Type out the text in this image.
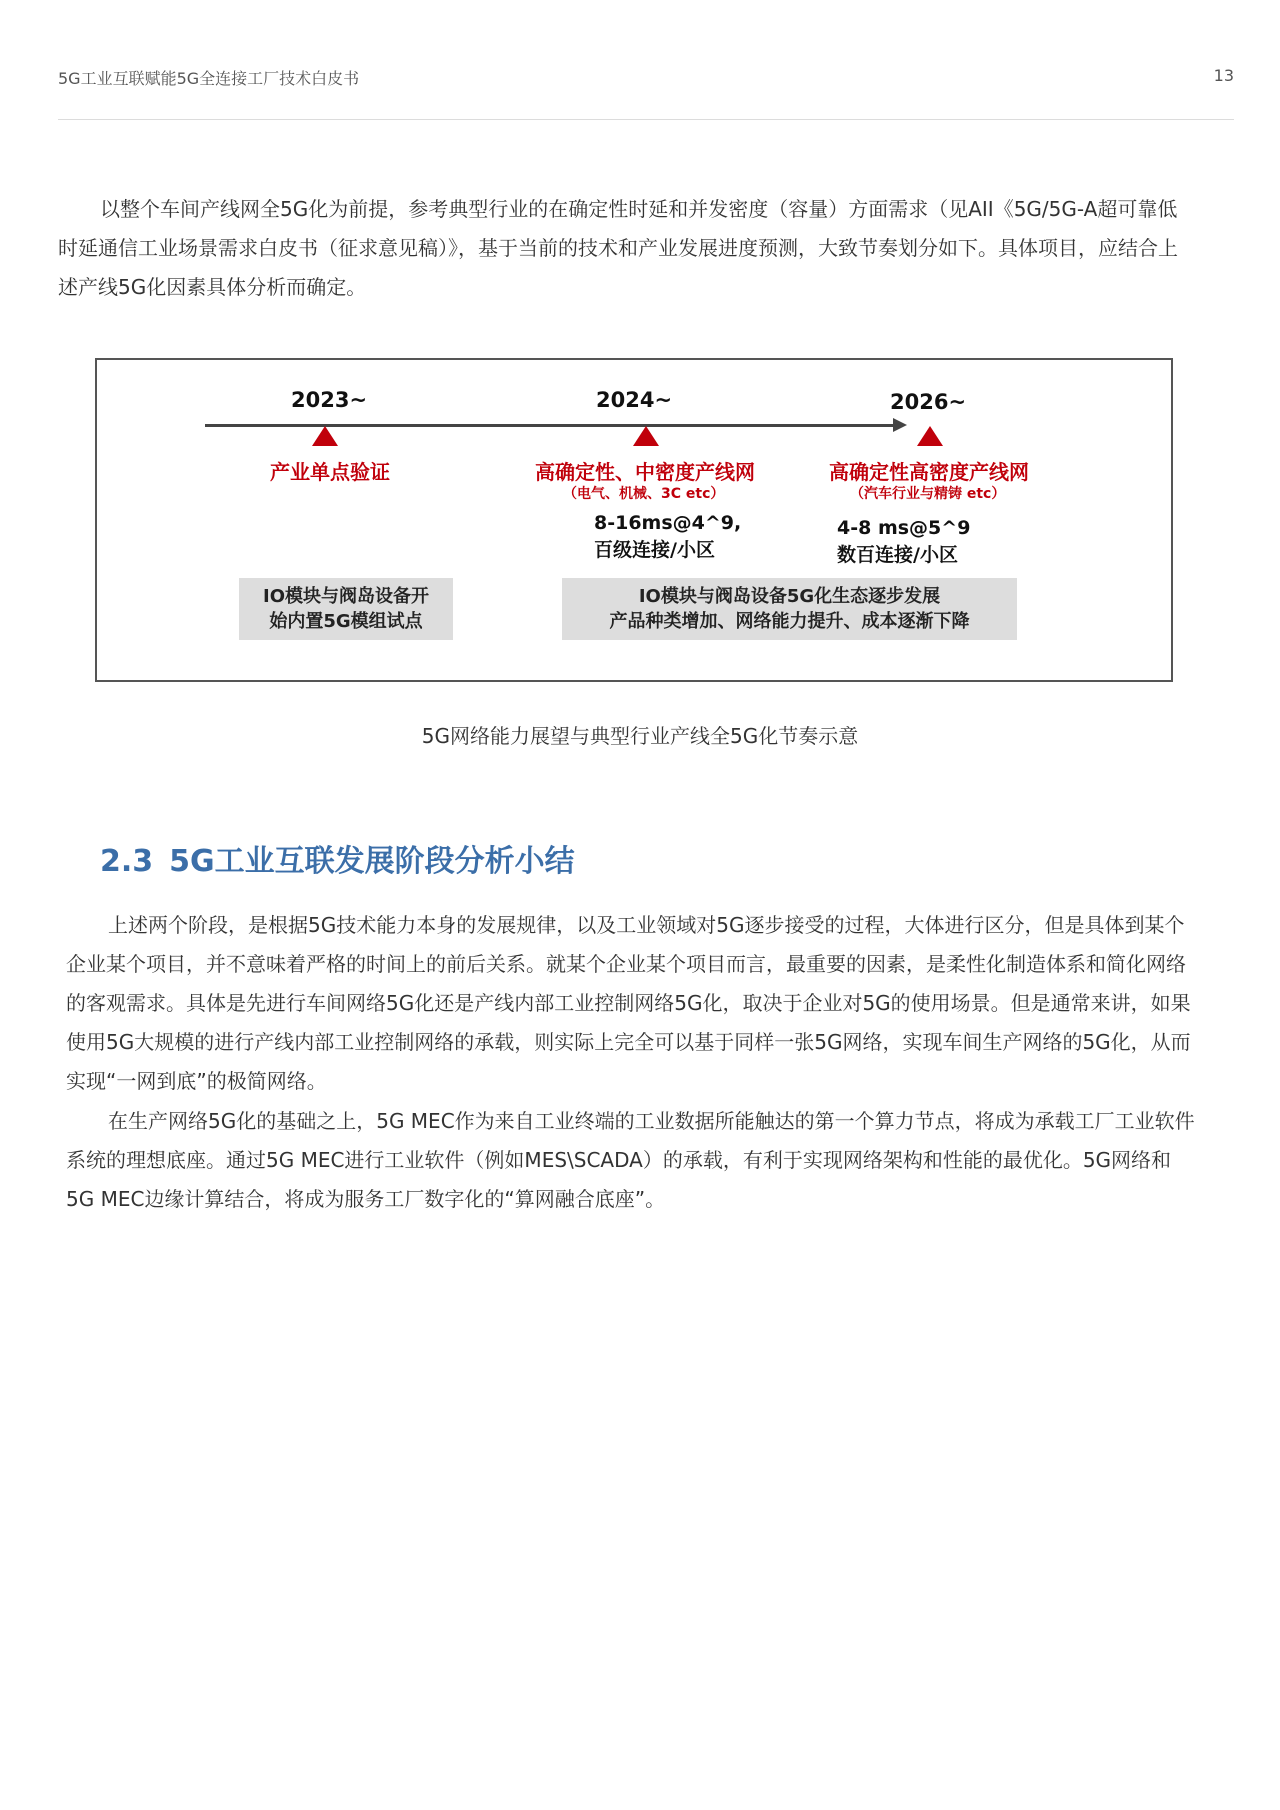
5G工业互联赋能5G全连接工厂技术白皮书	13

以整个车间产线网全5G化为前提，参考典型行业的在确定性时延和并发密度（容量）方面需求（见AII《5G/5G-A超可靠低时延通信工业场景需求白皮书（征求意见稿）》，基于当前的技术和产业发展进度预测，大致节奏划分如下。具体项目，应结合上述产线5G化因素具体分析而确定。

2023~
产业单点验证
2024~
高确定性、中密度产线网
（电气、机械、3C etc）
8-16ms@4^9,
百级连接/小区
2026~
高确定性高密度产线网
（汽车行业与精铸 etc）
4-8 ms@5^9
数百连接/小区
IO模块与阀岛设备开
始内置5G模组试点
IO模块与阀岛设备5G化生态逐步发展
产品种类增加、网络能力提升、成本逐渐下降
5G网络能力展望与典型行业产线全5G化节奏示意
2.3 5G工业互联发展阶段分析小结

上述两个阶段，是根据5G技术能力本身的发展规律，以及工业领域对5G逐步接受的过程，大体进行区分，但是具体到某个企业某个项目，并不意味着严格的时间上的前后关系。就某个企业某个项目而言，最重要的因素，是柔性化制造体系和简化网络的客观需求。具体是先进行车间网络5G化还是产线内部工业控制网络5G化，取决于企业对5G的使用场景。但是通常来讲，如果使用5G大规模的进行产线内部工业控制网络的承载，则实际上完全可以基于同样一张5G网络，实现车间生产网络的5G化，从而实现“一网到底”的极简网络。

在生产网络5G化的基础之上，5G MEC作为来自工业终端的工业数据所能触达的第一个算力节点，将成为承载工厂工业软件系统的理想底座。通过5G MEC进行工业软件（例如MES\SCADA）的承载，有利于实现网络架构和性能的最优化。5G网络和5G MEC边缘计算结合，将成为服务工厂数字化的“算网融合底座”。
